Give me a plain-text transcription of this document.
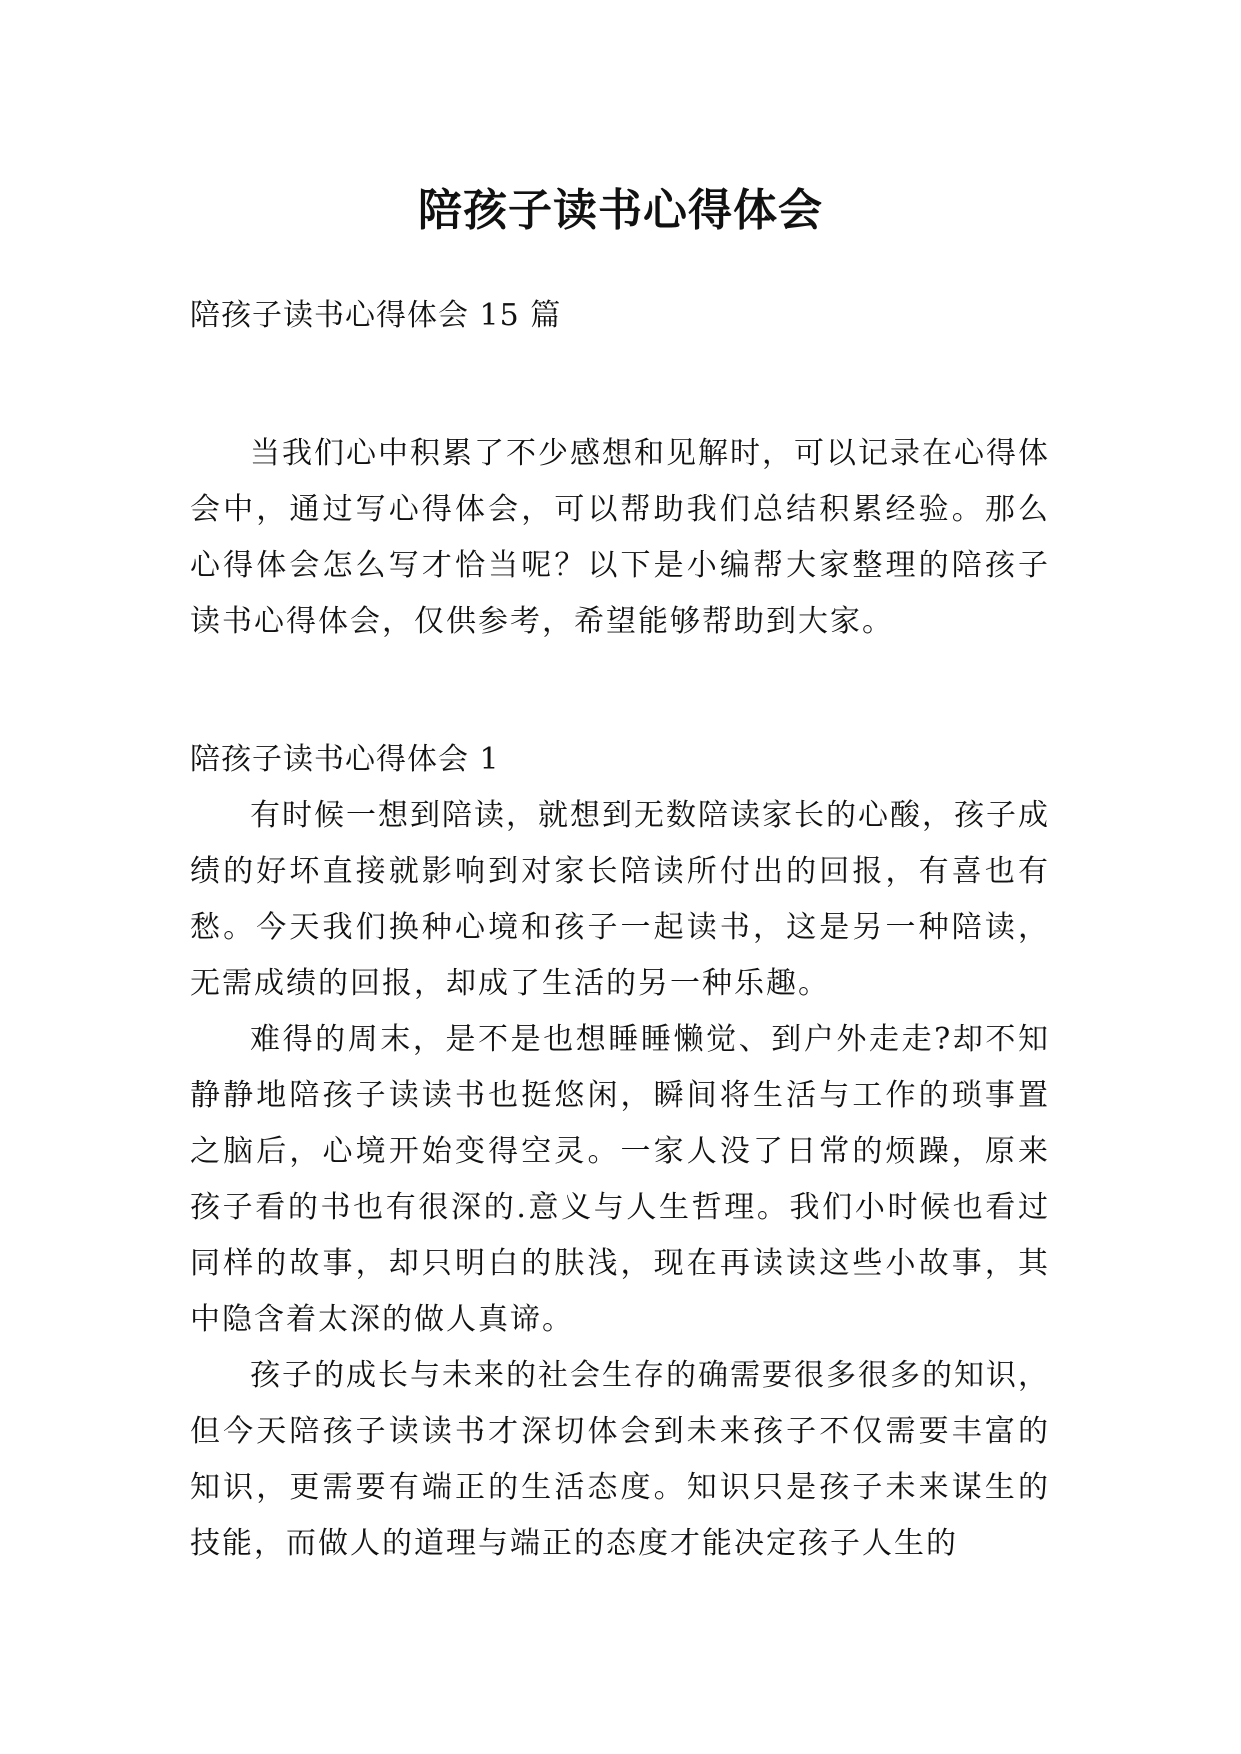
陪孩子读书心得体会

陪孩子读书心得体会 15 篇

当我们心中积累了不少感想和见解时，可以记录在心得体会中，通过写心得体会，可以帮助我们总结积累经验。那么心得体会怎么写才恰当呢？以下是小编帮大家整理的陪孩子读书心得体会，仅供参考，希望能够帮助到大家。

陪孩子读书心得体会 1

有时候一想到陪读，就想到无数陪读家长的心酸，孩子成绩的好坏直接就影响到对家长陪读所付出的回报，有喜也有愁。今天我们换种心境和孩子一起读书，这是另一种陪读，无需成绩的回报，却成了生活的另一种乐趣。

难得的周末，是不是也想睡睡懒觉、到户外走走?却不知静静地陪孩子读读书也挺悠闲，瞬间将生活与工作的琐事置之脑后，心境开始变得空灵。一家人没了日常的烦躁，原来孩子看的书也有很深的.意义与人生哲理。我们小时候也看过同样的故事，却只明白的肤浅，现在再读读这些小故事，其中隐含着太深的做人真谛。

孩子的成长与未来的社会生存的确需要很多很多的知识，但今天陪孩子读读书才深切体会到未来孩子不仅需要丰富的知识，更需要有端正的生活态度。知识只是孩子未来谋生的技能，而做人的道理与端正的态度才能决定孩子人生的
